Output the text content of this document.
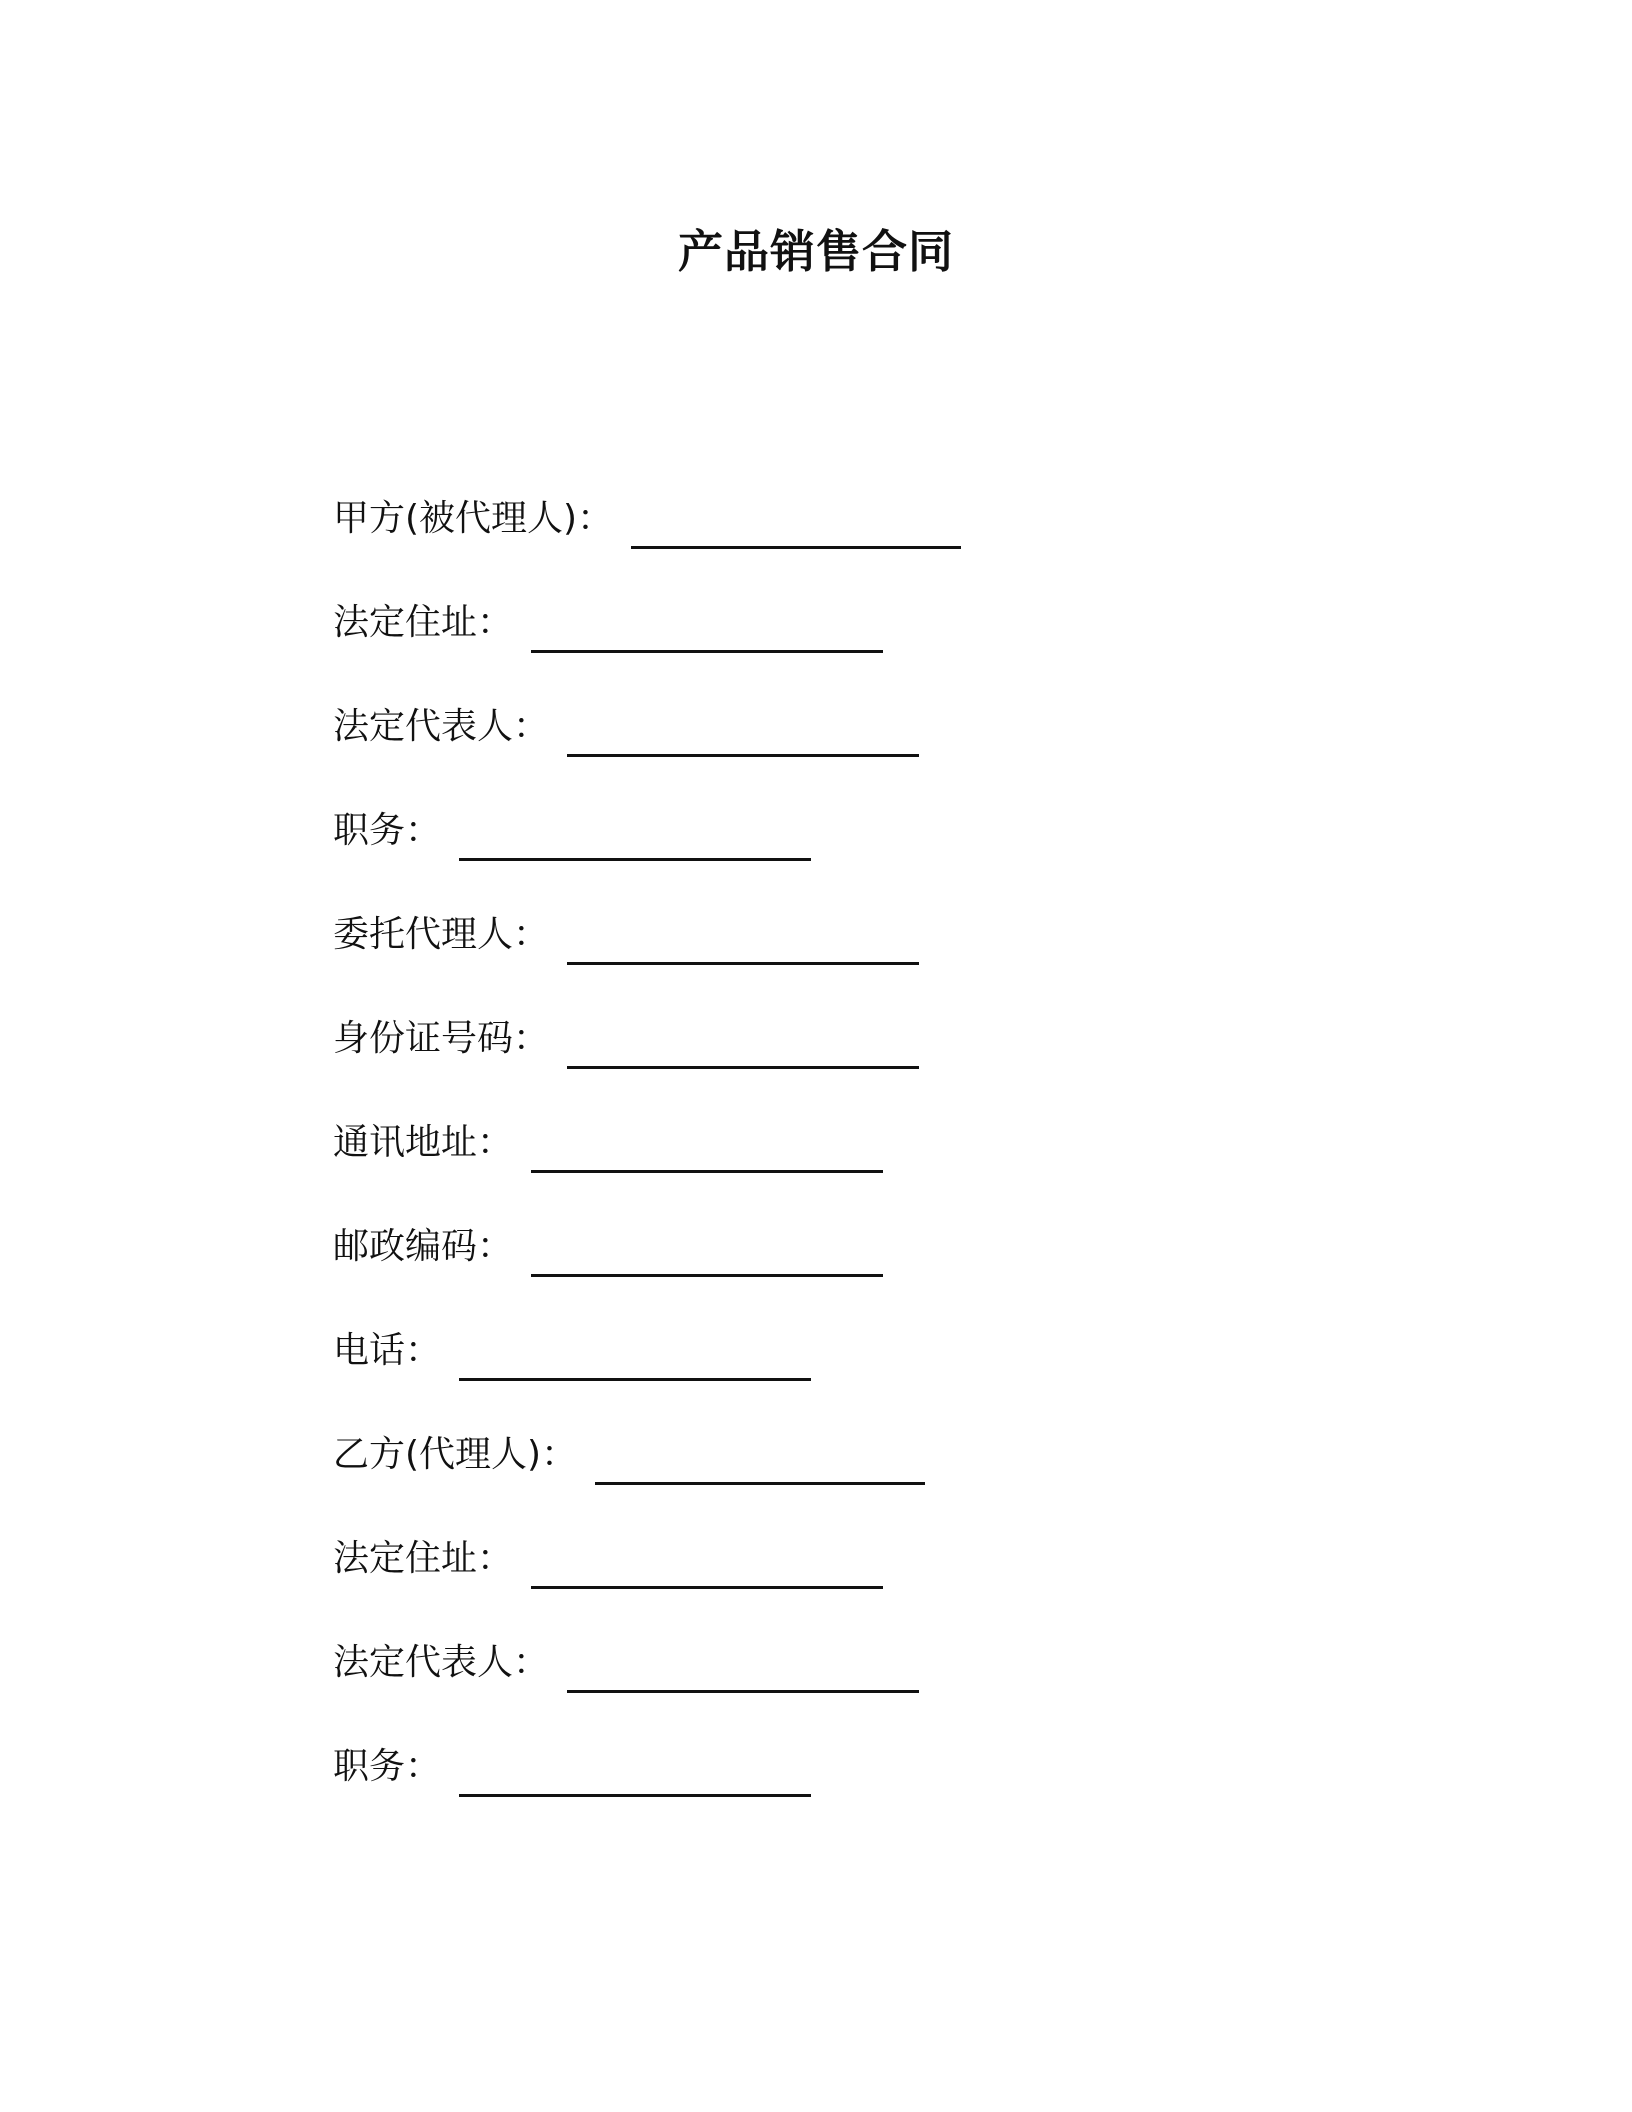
产品销售合同
甲方(被代理人)：
法定住址：
法定代表人：
职务：
委托代理人：
身份证号码：
通讯地址：
邮政编码：
电话：
乙方(代理人)：
法定住址：
法定代表人：
职务：
